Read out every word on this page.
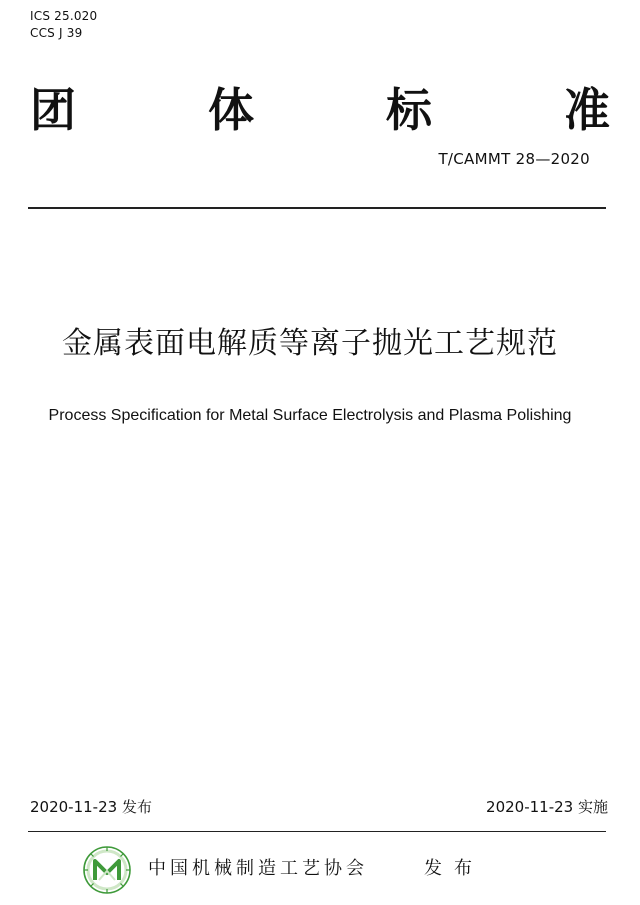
ICS 25.020
CCS J 39
团	体	标	准
T/CAMMT 28—2020
金属表面电解质等离子抛光工艺规范
Process Specification for Metal Surface Electrolysis and Plasma Polishing
2020-11-23 发布	2020-11-23 实施
中国机械制造工艺协会	发布
